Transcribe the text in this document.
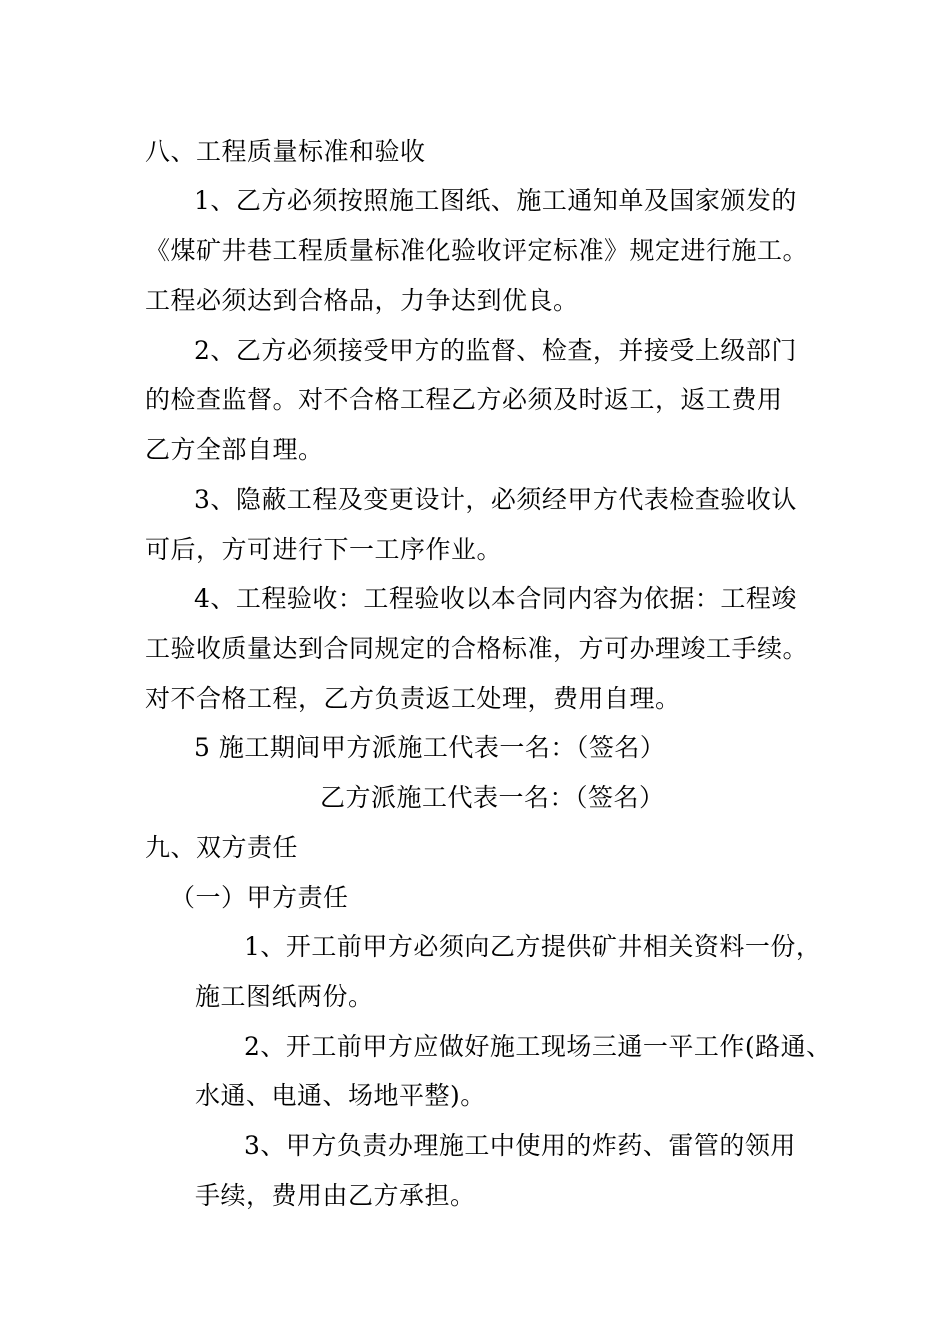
八、工程质量标准和验收
1、乙方必须按照施工图纸、施工通知单及国家颁发的
《煤矿井巷工程质量标准化验收评定标准》规定进行施工。
工程必须达到合格品，力争达到优良。
2、乙方必须接受甲方的监督、检查，并接受上级部门
的检查监督。对不合格工程乙方必须及时返工，返工费用
乙方全部自理。
3、隐蔽工程及变更设计，必须经甲方代表检查验收认
可后，方可进行下一工序作业。
4、工程验收：工程验收以本合同内容为依据：工程竣
工验收质量达到合同规定的合格标准，方可办理竣工手续。
对不合格工程，乙方负责返工处理，费用自理。
5 施工期间甲方派施工代表一名：（签名）
乙方派施工代表一名：（签名）
九、双方责任
（一）甲方责任
1、开工前甲方必须向乙方提供矿井相关资料一份，
施工图纸两份。
2、开工前甲方应做好施工现场三通一平工作(路通、
水通、电通、场地平整)。
3、甲方负责办理施工中使用的炸药、雷管的领用
手续，费用由乙方承担。
